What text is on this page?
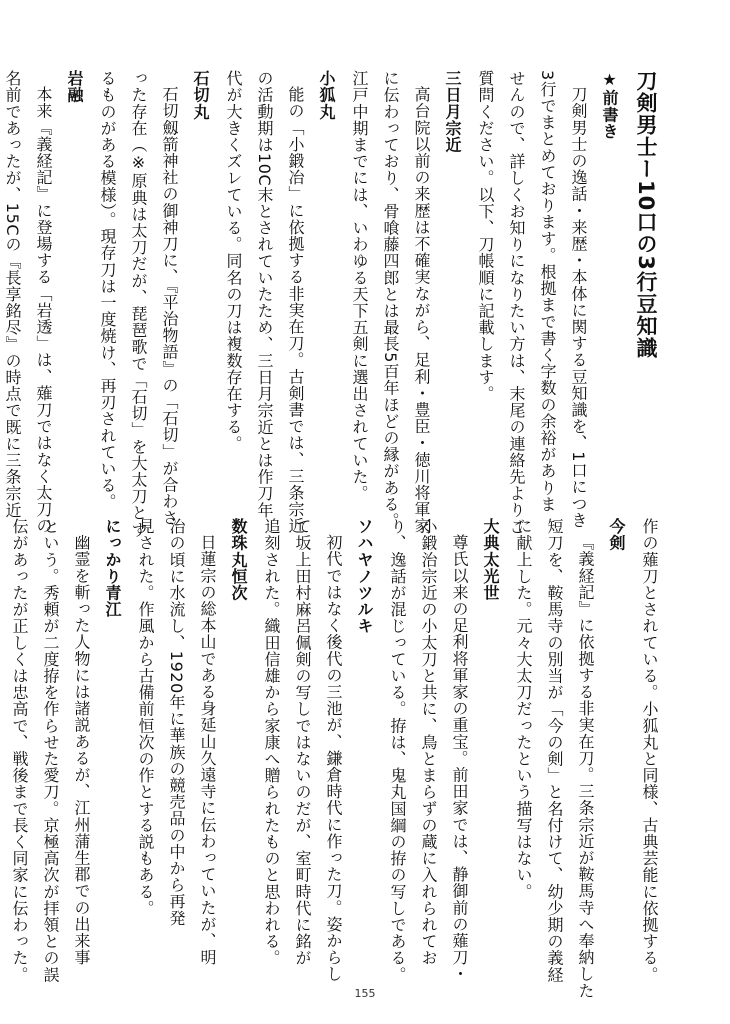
刀剣男士ー10口の3行豆知識
★前書き
刀剣男士の逸話・来歴・本体に関する豆知識を、1口につき
3行でまとめております。根拠まで書く字数の余裕がありま
せんので、詳しくお知りになりたい方は、末尾の連絡先よりご
質問ください。以下、刀帳順に記載します。
三日月宗近
高台院以前の来歴は不確実ながら、足利・豊臣・徳川将軍家
に伝わっており、骨喰藤四郎とは最長5百年ほどの縁がある。
江戸中期までには、いわゆる天下五剣に選出されていた。
小狐丸
能の「小鍛冶」に依拠する非実在刀。古剣書では、三条宗近
の活動期は10C末とされていたため、三日月宗近とは作刀年
代が大きくズレている。同名の刀は複数存在する。
石切丸
石切劔箭神社の御神刀に、『平治物語』の「石切」が合わさ
った存在（※原典は太刀だが、琵琶歌で「石切」を大太刀とす
るものがある模様）。現存刀は一度焼け、再刃されている。
岩融
本来『義経記』に登場する「岩透」は、薙刀ではなく太刀の
名前であったが、15Cの『長享銘尽』の時点で既に三条宗近
作の薙刀とされている。小狐丸と同様、古典芸能に依拠する。
今剣
『義経記』に依拠する非実在刀。三条宗近が鞍馬寺へ奉納した
短刀を、鞍馬寺の別当が「今の剣」と名付けて、幼少期の義経
に献上した。元々大太刀だったという描写はない。
大典太光世
尊氏以来の足利将軍家の重宝。前田家では、静御前の薙刀・
小鍛治宗近の小太刀と共に、鳥とまらずの蔵に入れられてお
り、逸話が混じっている。拵は、鬼丸国綱の拵の写しである。
ソハヤノツルキ
初代ではなく後代の三池が、鎌倉時代に作った刀。姿からし
て坂上田村麻呂佩剣の写しではないのだが、室町時代に銘が
追刻された。織田信雄から家康へ贈られたものと思われる。
数珠丸恒次
日蓮宗の総本山である身延山久遠寺に伝わっていたが、明
治の頃に水流し、1920年に華族の競売品の中から再発
見された。作風から古備前恒次の作とする説もある。
にっかり青江
幽霊を斬った人物には諸説あるが、江州蒲生郡での出来事
という。秀頼が二度拵を作らせた愛刀。京極高次が拝領との誤
伝があったが正しくは忠高で、戦後まで長く同家に伝わった。
155
